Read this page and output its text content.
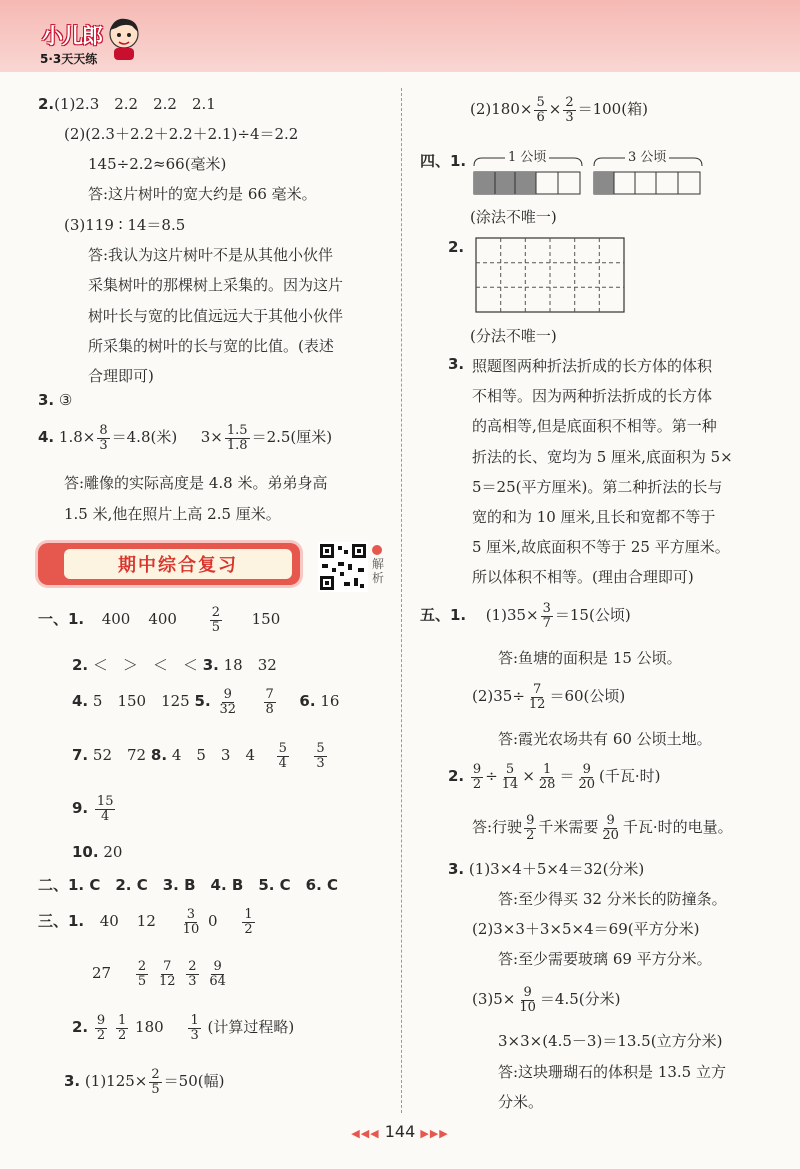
小儿郎
5·3天天练
2.(1)2.3　2.2　2.2　2.1
(2)(2.3＋2.2＋2.2＋2.1)÷4＝2.2
145÷2.2≈66(毫米)
答:这片树叶的宽大约是 66 毫米。
(3)119 ∶ 14＝8.5
答:我认为这片树叶不是从其他小伙伴
采集树叶的那棵树上采集的。因为这片
树叶长与宽的比值远远大于其他小伙伴
所采集的树叶的长与宽的比值。(表述
合理即可)
3. ③
4. $1.8\times \frac{8}{3} =4.8$(米) $3\times \frac{1.5}{1.8} =2.5$(厘米)
答:雕像的实际高度是 4.8 米。弟弟身高
1.5 米,他在照片上高 2.5 厘米。
期中综合复习	解析
一、1. 400 400	$\frac{2}{5} 150$
2. ＜　＞　＜　＜ 3. 18　32
4. 5　150　125 5. $\frac{9}{32}$
$\frac{7}{8} 6$. 16
7. 52　72 8. 4　5　3　$4 \frac{5}{4}$
$\frac{5}{3}$
9. $\frac{15}{4}$
10. 20
二、1. C　2. C　3. B　4. B　5. C　6. C
三、1. 40 $12 \frac{3}{10} 0 \frac{1}{2}$
$27 \frac{2}{5}$
$\frac{7}{12}$
$\frac{2}{3}$
$\frac{9}{64}$
2. $\frac{9}{2}$
$\frac{1}{2} 180 \frac{1}{3}$ (计算过程略)
3. $(1)125\times \frac{2}{5} =50$(幅)
$(2)180\times \frac{5}{6} \times \frac{2}{3} =100$(箱)
四、1.	1 公顷	3 公顷
(涂法不唯一)
2.
(分法不唯一)
3. 照题图两种折法折成的长方体的体积
不相等。因为两种折法折成的长方体
的高相等,但是底面积不相等。第一种
折法的长、宽均为 5 厘米,底面积为 5×
5＝25(平方厘米)。第二种折法的长与
宽的和为 10 厘米,且长和宽都不等于
5 厘米,故底面积不等于 25 平方厘米。
所以体积不相等。(理由合理即可)
五、1. $(1)35\times \frac{3}{7} =15$(公顷)
答:鱼塘的面积是 15 公顷。
$(2)35\div \frac{7}{12} =60$(公顷)
答:霞光农场共有 60 公顷土地。
2. $\frac{9}{2} \div \frac{5}{14} \times \frac{1}{28} = \frac{9}{20}$ (千瓦·时)
答:行驶 $\frac{9}{2}$ 千米需要 $\frac{9}{20}$ 千瓦·时的电量。
3. (1)3×4＋5×4＝32(分米)
答:至少得买 32 分米长的防撞条。
(2)3×3＋3×5×4＝69(平方分米)
答:至少需要玻璃 69 平方分米。
$(3)5\times \frac{9}{10} =4.5$(分米)
3×3×(4.5－3)＝13.5(立方分米)
答:这块珊瑚石的体积是 13.5 立方
分米。
◀◀◀ 144 ▶▶▶
